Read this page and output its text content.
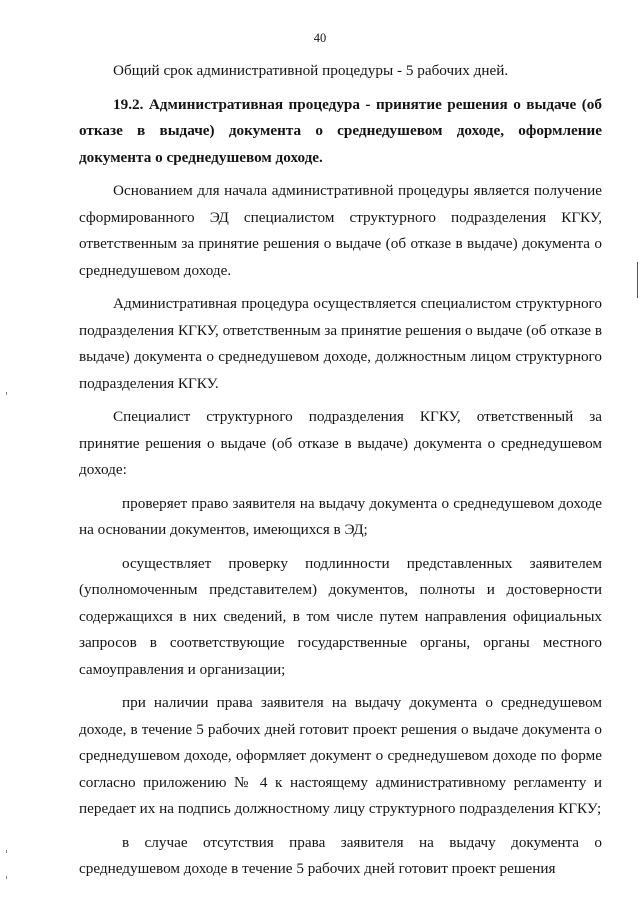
40

Общий срок административной процедуры - 5 рабочих дней.

19.2. Административная процедура - принятие решения о выдаче (об отказе в выдаче) документа о среднедушевом доходе, оформление документа о среднедушевом доходе.

Основанием для начала административной процедуры является получение сформированного ЭД специалистом структурного подразделения КГКУ, ответственным за принятие решения о выдаче (об отказе в выдаче) документа о среднедушевом доходе.

Административная процедура осуществляется специалистом структурного подразделения КГКУ, ответственным за принятие решения о выдаче (об отказе в выдаче) документа о среднедушевом доходе, должностным лицом структурного подразделения КГКУ.

Специалист структурного подразделения КГКУ, ответственный за принятие решения о выдаче (об отказе в выдаче) документа о среднедушевом доходе:

проверяет право заявителя на выдачу документа о среднедушевом доходе на основании документов, имеющихся в ЭД;

осуществляет проверку подлинности представленных заявителем (уполномоченным представителем) документов, полноты и достоверности содержащихся в них сведений, в том числе путем направления официальных запросов в соответствующие государственные органы, органы местного самоуправления и организации;

при наличии права заявителя на выдачу документа о среднедушевом доходе, в течение 5 рабочих дней готовит проект решения о выдаче документа о среднедушевом доходе, оформляет документ о среднедушевом доходе по форме согласно приложению № 4 к настоящему административному регламенту и передает их на подпись должностному лицу структурного подразделения КГКУ;

в случае отсутствия права заявителя на выдачу документа о среднедушевом доходе в течение 5 рабочих дней готовит проект решения
